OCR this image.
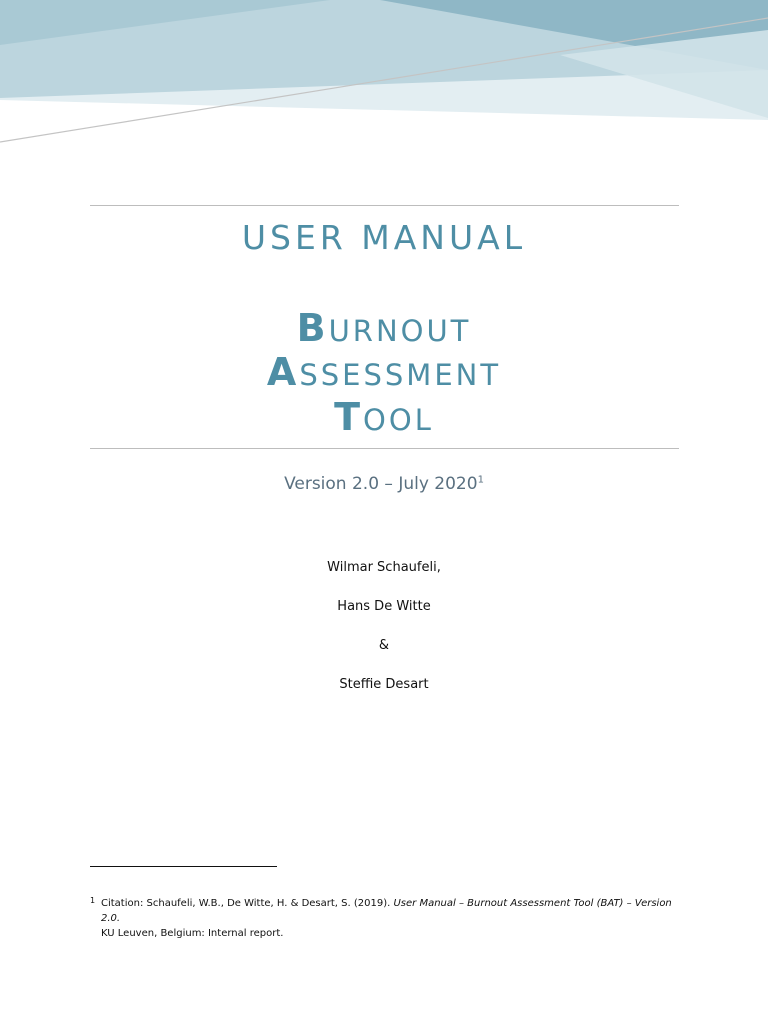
USER MANUAL
BURNOUT
ASSESSMENT
TOOL
Version 2.0 – July 2020$^1$
Wilmar Schaufeli,
Hans De Witte
&
Steffie Desart
1 Citation: Schaufeli, W.B., De Witte, H. & Desart, S. (2019). User Manual – Burnout Assessment Tool (BAT) – Version 2.0.
KU Leuven, Belgium: Internal report.
